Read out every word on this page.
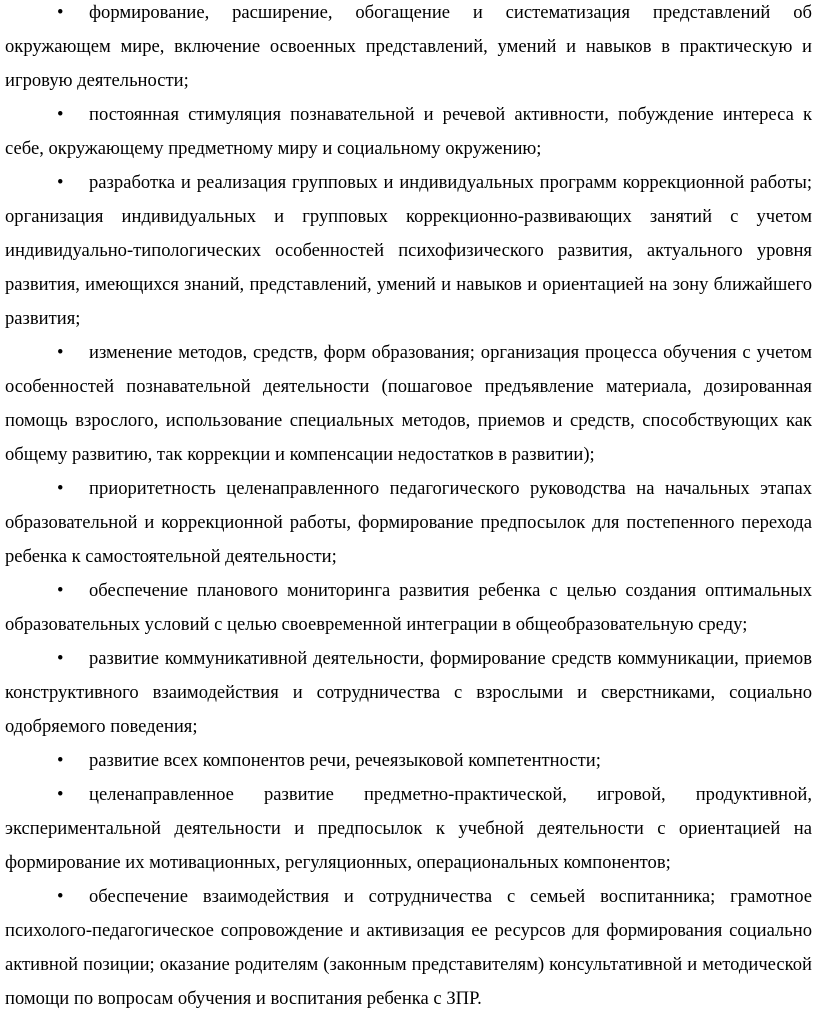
• формирование, расширение, обогащение и систематизация представлений об окружающем мире, включение освоенных представлений, умений и навыков в практическую и игровую деятельности;

• постоянная стимуляция познавательной и речевой активности, побуждение интереса к себе, окружающему предметному миру и социальному окружению;

• разработка и реализация групповых и индивидуальных программ коррекционной работы; организация индивидуальных и групповых коррекционно-развивающих занятий с учетом индивидуально-типологических особенностей психофизического развития, актуального уровня развития, имеющихся знаний, представлений, умений и навыков и ориентацией на зону ближайшего развития;

• изменение методов, средств, форм образования; организация процесса обучения с учетом особенностей познавательной деятельности (пошаговое предъявление материала, дозированная помощь взрослого, использование специальных методов, приемов и средств, способствующих как общему развитию, так коррекции и компенсации недостатков в развитии);

• приоритетность целенаправленного педагогического руководства на начальных этапах образовательной и коррекционной работы, формирование предпосылок для постепенного перехода ребенка к самостоятельной деятельности;

• обеспечение планового мониторинга развития ребенка с целью создания оптимальных образовательных условий с целью своевременной интеграции в общеобразовательную среду;

• развитие коммуникативной деятельности, формирование средств коммуникации, приемов конструктивного взаимодействия и сотрудничества с взрослыми и сверстниками, социально одобряемого поведения;

• развитие всех компонентов речи, речеязыковой компетентности;

• целенаправленное развитие предметно-практической, игровой, продуктивной, экспериментальной деятельности и предпосылок к учебной деятельности с ориентацией на формирование их мотивационных, регуляционных, операциональных компонентов;

• обеспечение взаимодействия и сотрудничества с семьей воспитанника; грамотное психолого-педагогическое сопровождение и активизация ее ресурсов для формирования социально активной позиции; оказание родителям (законным представителям) консультативной и методической помощи по вопросам обучения и воспитания ребенка с ЗПР.
